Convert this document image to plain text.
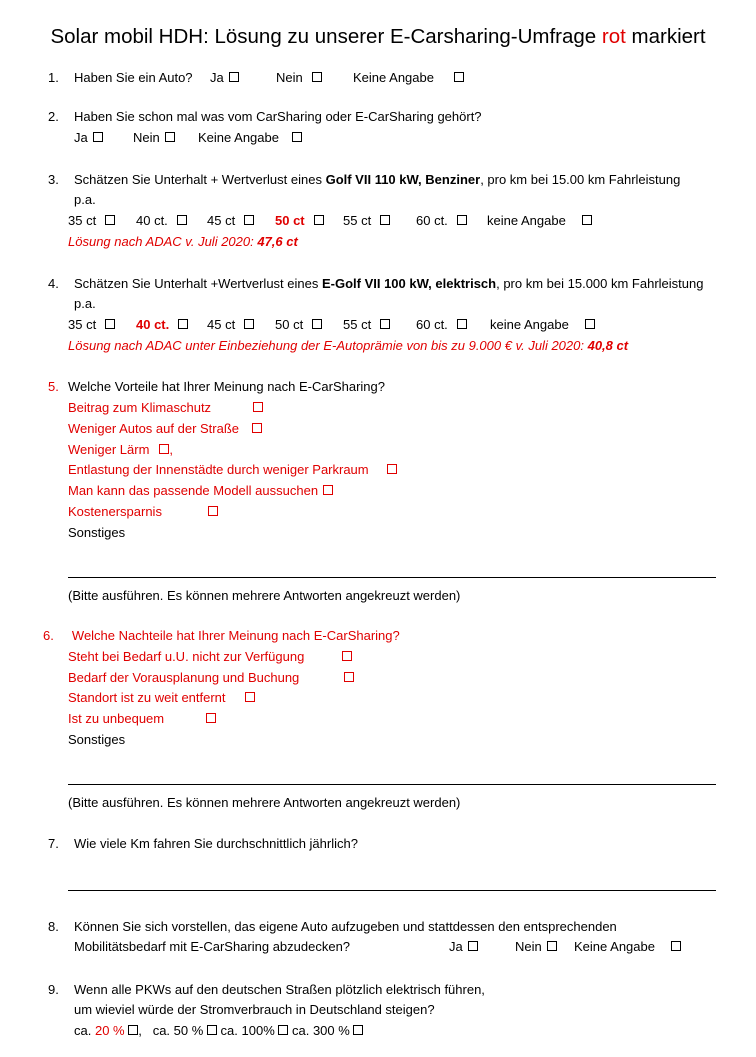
Solar mobil HDH: Lösung zu unserer E-Carsharing-Umfrage rot markiert
1. Haben Sie ein Auto? Ja	Nein	Keine Angabe
2. Haben Sie schon mal was vom CarSharing oder E-CarSharing gehört?
Ja	Nein	Keine Angabe
3. Schätzen Sie Unterhalt + Wertverlust eines Golf VII 110 kW, Benziner, pro km bei 15.00 km Fahrleistung
p.a.
35 ct	40 ct.	45 ct	50 ct	55 ct	60 ct.	keine Angabe
Lösung nach ADAC v. Juli 2020: 47,6 ct
4. Schätzen Sie Unterhalt +Wertverlust eines E-Golf VII 100 kW, elektrisch, pro km bei 15.000 km Fahrleistung
p.a.
35 ct	40 ct.	45 ct	50 ct	55 ct	60 ct.	keine Angabe
Lösung nach ADAC unter Einbeziehung der E-Autoprämie von bis zu 9.000 € v. Juli 2020: 40,8 ct
5. Welche Vorteile hat Ihrer Meinung nach E-CarSharing?
Beitrag zum Klimaschutz
Weniger Autos auf der Straße
Weniger Lärm ,
Entlastung der Innenstädte durch weniger Parkraum
Man kann das passende Modell aussuchen
Kostenersparnis
Sonstiges
(Bitte ausführen. Es können mehrere Antworten angekreuzt werden)
6. Welche Nachteile hat Ihrer Meinung nach E-CarSharing?
Steht bei Bedarf u.U. nicht zur Verfügung
Bedarf der Vorausplanung und Buchung
Standort ist zu weit entfernt
Ist zu unbequem
Sonstiges
(Bitte ausführen. Es können mehrere Antworten angekreuzt werden)
7. Wie viele Km fahren Sie durchschnittlich jährlich?
8. Können Sie sich vorstellen, das eigene Auto aufzugeben und stattdessen den entsprechenden
Mobilitätsbedarf mit E-CarSharing abzudecken?	Ja	Nein	Keine Angabe
9. Wenn alle PKWs auf den deutschen Straßen plötzlich elektrisch führen,
um wieviel würde der Stromverbrauch in Deutschland steigen?
ca. 20 % , ca. 50 % ca. 100% ca. 300 %
